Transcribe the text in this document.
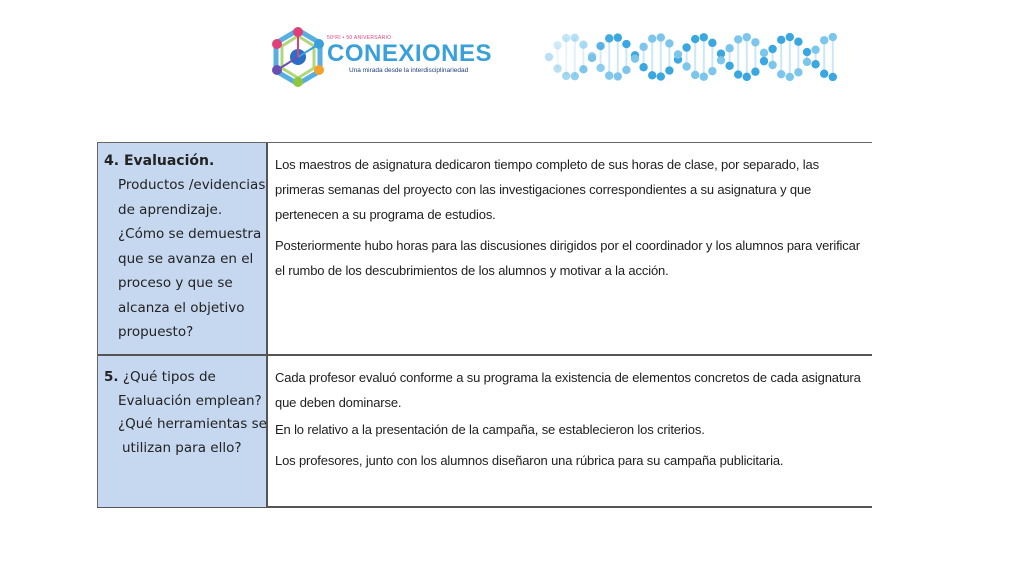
50ºRI • 50 ANIVERSARIO
CONEXIONES
Una mirada desde la interdisciplinariedad
4. Evaluación.
Productos /evidencias
de aprendizaje.
¿Cómo se demuestra
que se avanza en el
proceso y que se
alcanza el objetivo
propuesto?
Los maestros de asignatura dedicaron tiempo completo de sus horas de clase, por separado, las primeras semanas del proyecto con las investigaciones correspondientes a su asignatura y que pertenecen a su programa de estudios.
Posteriormente hubo horas para las discusiones dirigidos por el coordinador y los alumnos para verificar el rumbo de los descubrimientos de los alumnos y motivar a la acción.
5. ¿Qué tipos de
Evaluación emplean?
¿Qué herramientas se
utilizan para ello?
Cada profesor evaluó conforme a su programa la existencia de elementos concretos de cada asignatura que deben dominarse.
En lo relativo a la presentación de la campaña, se establecieron los criterios.
Los profesores, junto con los alumnos diseñaron una rúbrica para su campaña publicitaria.
